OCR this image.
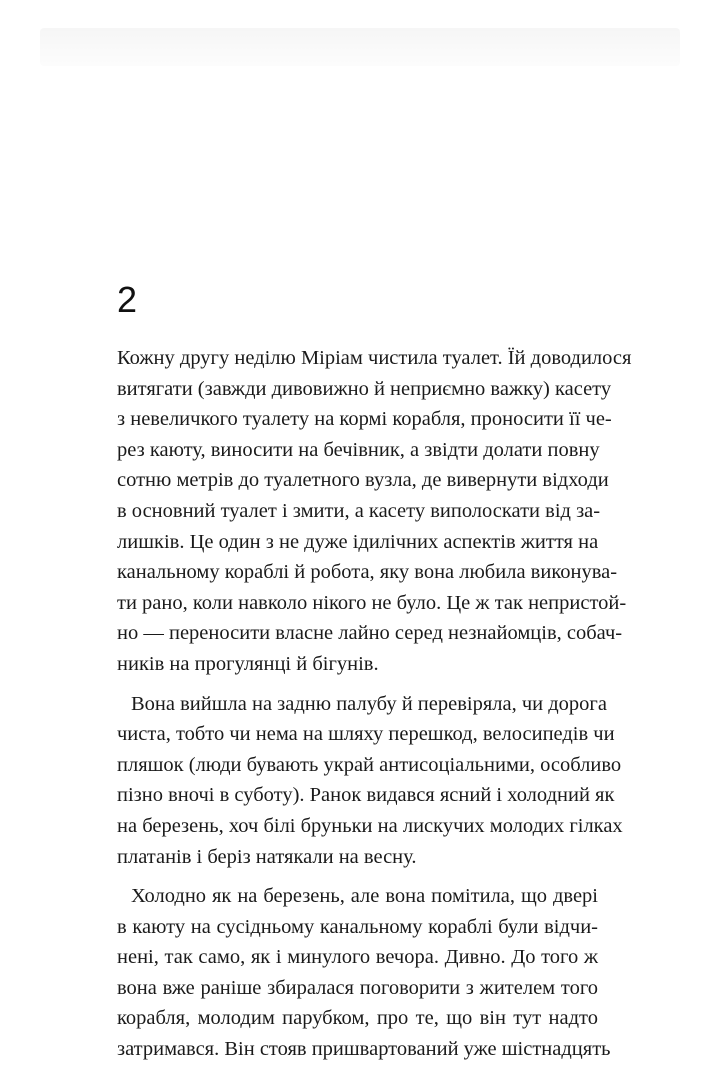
2
Кожну другу неділю Міріам чистила туалет. Їй доводилося
витягати (завжди дивовижно й неприємно важку) касету
з невеличкого туалету на кормі корабля, проносити її че-
рез каюту, виносити на бечівник, а звідти долати повну
сотню метрів до туалетного вузла, де вивернути відходи
в основний туалет і змити, а касету виполоскати від за-
лишків. Це один з не дуже ідилічних аспектів життя на
канальному кораблі й робота, яку вона любила виконува-
ти рано, коли навколо нікого не було. Це ж так непристой-
но — переносити власне лайно серед незнайомців, собач-
ників на прогулянці й бігунів.
Вона вийшла на задню палубу й перевіряла, чи дорога
чиста, тобто чи нема на шляху перешкод, велосипедів чи
пляшок (люди бувають украй антисоціальними, особливо
пізно вночі в суботу). Ранок видався ясний і холодний як
на березень, хоч білі бруньки на лискучих молодих гілках
платанів і беріз натякали на весну.
Холодно як на березень, але вона помітила, що двері
в каюту на сусідньому канальному кораблі були відчи-
нені, так само, як і минулого вечора. Дивно. До того ж
вона вже раніше збиралася поговорити з жителем того
корабля, молодим парубком, про те, що він тут надто
затримався. Він стояв пришвартований уже шістнадцять
